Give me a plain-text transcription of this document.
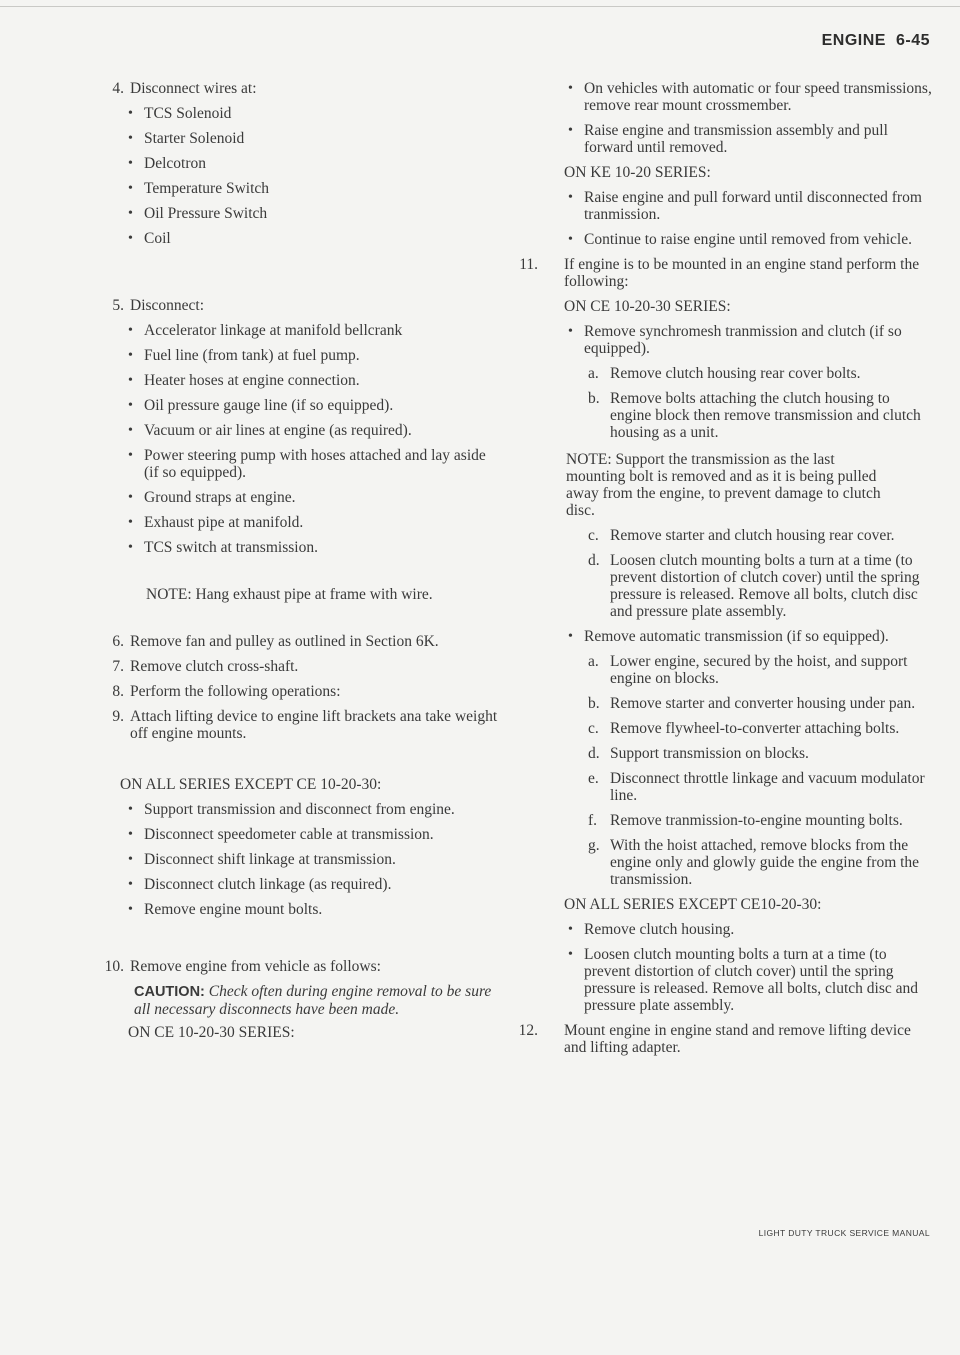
ENGINE 6-45
4. Disconnect wires at:
• TCS Solenoid
• Starter Solenoid
• Delcotron
• Temperature Switch
• Oil Pressure Switch
• Coil
5. Disconnect:
• Accelerator linkage at manifold bellcrank
• Fuel line (from tank) at fuel pump.
• Heater hoses at engine connection.
• Oil pressure gauge line (if so equipped).
• Vacuum or air lines at engine (as required).
• Power steering pump with hoses attached and lay aside (if so equipped).
• Ground straps at engine.
• Exhaust pipe at manifold.
• TCS switch at transmission.
NOTE: Hang exhaust pipe at frame with wire.
6. Remove fan and pulley as outlined in Section 6K.
7. Remove clutch cross-shaft.
8. Perform the following operations:
9. Attach lifting device to engine lift brackets ana take weight off engine mounts.
ON ALL SERIES EXCEPT CE 10-20-30:
• Support transmission and disconnect from engine.
• Disconnect speedometer cable at transmission.
• Disconnect shift linkage at transmission.
• Disconnect clutch linkage (as required).
• Remove engine mount bolts.
10. Remove engine from vehicle as follows:
CAUTION: Check often during engine removal to be sure all necessary disconnects have been made.
ON CE 10-20-30 SERIES:
• On vehicles with automatic or four speed transmissions, remove rear mount crossmember.
• Raise engine and transmission assembly and pull forward until removed.
ON KE 10-20 SERIES:
• Raise engine and pull forward until disconnected from tranmission.
• Continue to raise engine until removed from vehicle.
11.	If engine is to be mounted in an engine stand perform the following:
ON CE 10-20-30 SERIES:
• Remove synchromesh tranmission and clutch (if so equipped).
a. Remove clutch housing rear cover bolts.
b. Remove bolts attaching the clutch housing to engine block then remove transmission and clutch housing as a unit.
NOTE: Support the transmission as the last mounting bolt is removed and as it is being pulled away from the engine, to prevent damage to clutch disc.
c. Remove starter and clutch housing rear cover.
d. Loosen clutch mounting bolts a turn at a time (to prevent distortion of clutch cover) until the spring pressure is released. Remove all bolts, clutch disc and pressure plate assembly.
• Remove automatic transmission (if so equipped).
a. Lower engine, secured by the hoist, and support engine on blocks.
b. Remove starter and converter housing under pan.
c. Remove flywheel-to-converter attaching bolts.
d. Support transmission on blocks.
e. Disconnect throttle linkage and vacuum modulator line.
f. Remove tranmission-to-engine mounting bolts.
g. With the hoist attached, remove blocks from the engine only and glowly guide the engine from the transmission.
ON ALL SERIES EXCEPT CE10-20-30:
• Remove clutch housing.
• Loosen clutch mounting bolts a turn at a time (to prevent distortion of clutch cover) until the spring pressure is released. Remove all bolts, clutch disc and pressure plate assembly.
12.	Mount engine in engine stand and remove lifting device and lifting adapter.
LIGHT DUTY TRUCK SERVICE MANUAL
